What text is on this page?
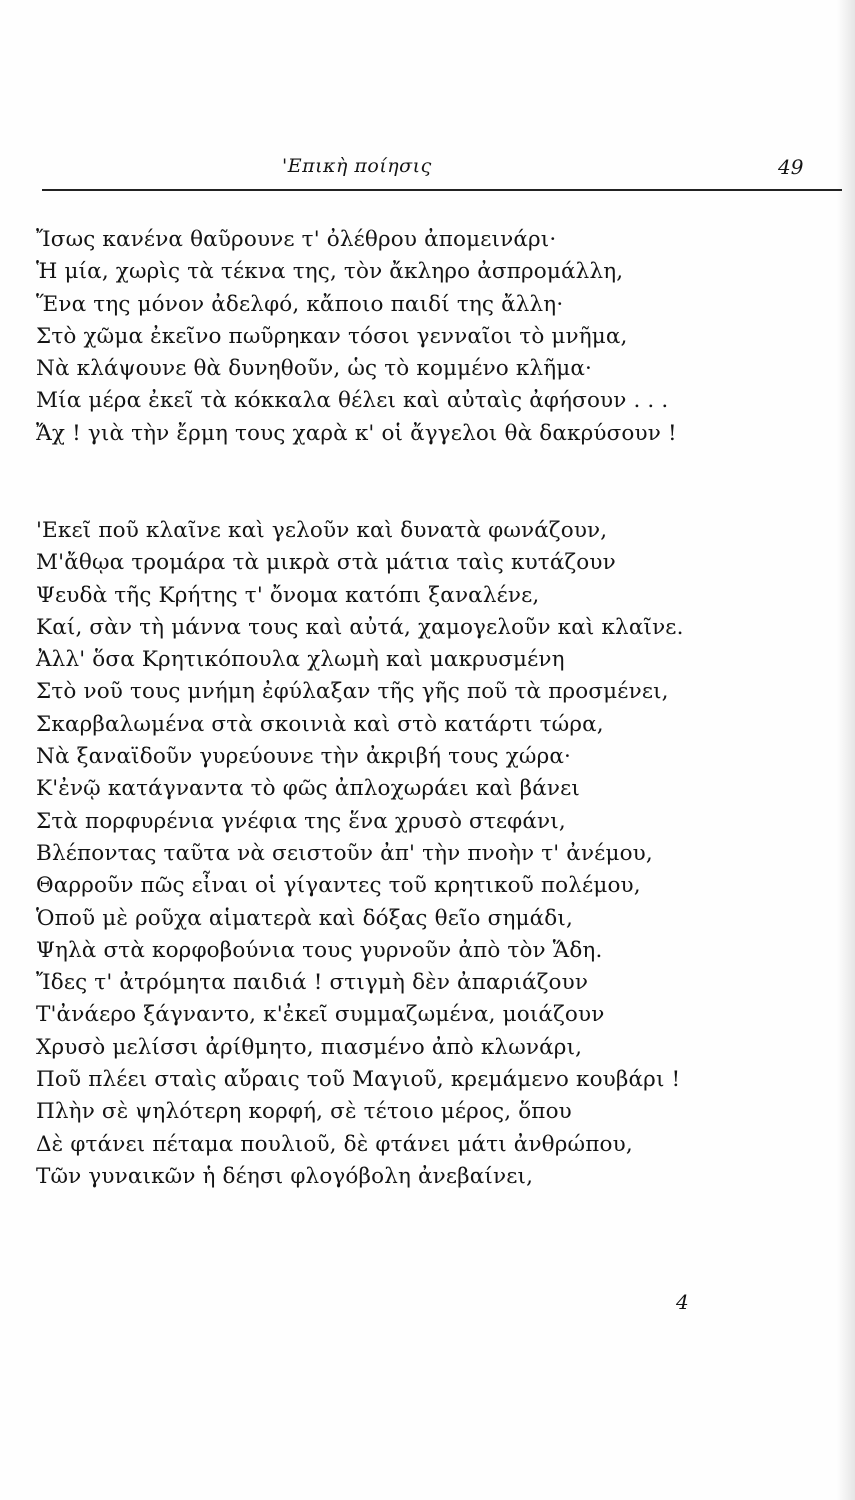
'Επικὴ ποίησις	49
Ἴσως κανένα θαῦρουνε τ' ὀλέθρου ἀπομεινάρι·
Ἡ μία, χωρὶς τὰ τέκνα της, τὸν ἄκληρο ἀσπρομάλλη,
Ἕνα της μόνον ἀδελφό, κἄποιο παιδί της ἄλλη·
Στὸ χῶμα ἐκεῖνο πωῦρηκαν τόσοι γενναῖοι τὸ μνῆμα,
Νὰ κλάψουνε θὰ δυνηθοῦν, ὡς τὸ κομμένο κλῆμα·
Μία μέρα ἐκεῖ τὰ κόκκαλα θέλει καὶ αὐταὶς ἀφήσουν . . .
Ἄχ ! γιὰ τὴν ἔρμη τους χαρὰ κ' οἱ ἄγγελοι θὰ δακρύσουν !
'Εκεῖ ποῦ κλαῖνε καὶ γελοῦν καὶ δυνατὰ φωνάζουν,
Μ'ἄθῳα τρομάρα τὰ μικρὰ στὰ μάτια ταὶς κυτάζουν
Ψευδὰ τῆς Κρήτης τ' ὄνομα κατόπι ξαναλένε,
Καί, σὰν τὴ μάννα τους καὶ αὐτά, χαμογελοῦν καὶ κλαῖνε.
Ἀλλ' ὅσα Κρητικόπουλα χλωμὴ καὶ μακρυσμένη
Στὸ νοῦ τους μνήμη ἐφύλαξαν τῆς γῆς ποῦ τὰ προσμένει,
Σκαρβαλωμένα στὰ σκοινιὰ καὶ στὸ κατάρτι τώρα,
Νὰ ξαναϊδοῦν γυρεύουνε τὴν ἀκριβή τους χώρα·
Κ'ἐνῷ κατάγναντα τὸ φῶς ἀπλοχωράει καὶ βάνει
Στὰ πορφυρένια γνέφια της ἕνα χρυσὸ στεφάνι,
Βλέποντας ταῦτα νὰ σειστοῦν ἀπ' τὴν πνοὴν τ' ἀνέμου,
Θαρροῦν πῶς εἶναι οἱ γίγαντες τοῦ κρητικοῦ πολέμου,
Ὁποῦ μὲ ροῦχα αἱματερὰ καὶ δόξας θεῖο σημάδι,
Ψηλὰ στὰ κορφοβούνια τους γυρνοῦν ἀπὸ τὸν Ἅδη.
Ἴδες τ' ἀτρόμητα παιδιά ! στιγμὴ δὲν ἀπαριάζουν
Τ'ἀνάερο ξάγναντο, κ'ἐκεῖ συμμαζωμένα, μοιάζουν
Χρυσὸ μελίσσι ἀρίθμητο, πιασμένο ἀπὸ κλωνάρι,
Ποῦ πλέει σταὶς αὔραις τοῦ Μαγιοῦ, κρεμάμενο κουβάρι !
Πλὴν σὲ ψηλότερη κορφή, σὲ τέτοιο μέρος, ὅπου
Δὲ φτάνει πέταμα πουλιοῦ, δὲ φτάνει μάτι ἀνθρώπου,
Τῶν γυναικῶν ἡ δέησι φλογόβολη ἀνεβαίνει,
4
